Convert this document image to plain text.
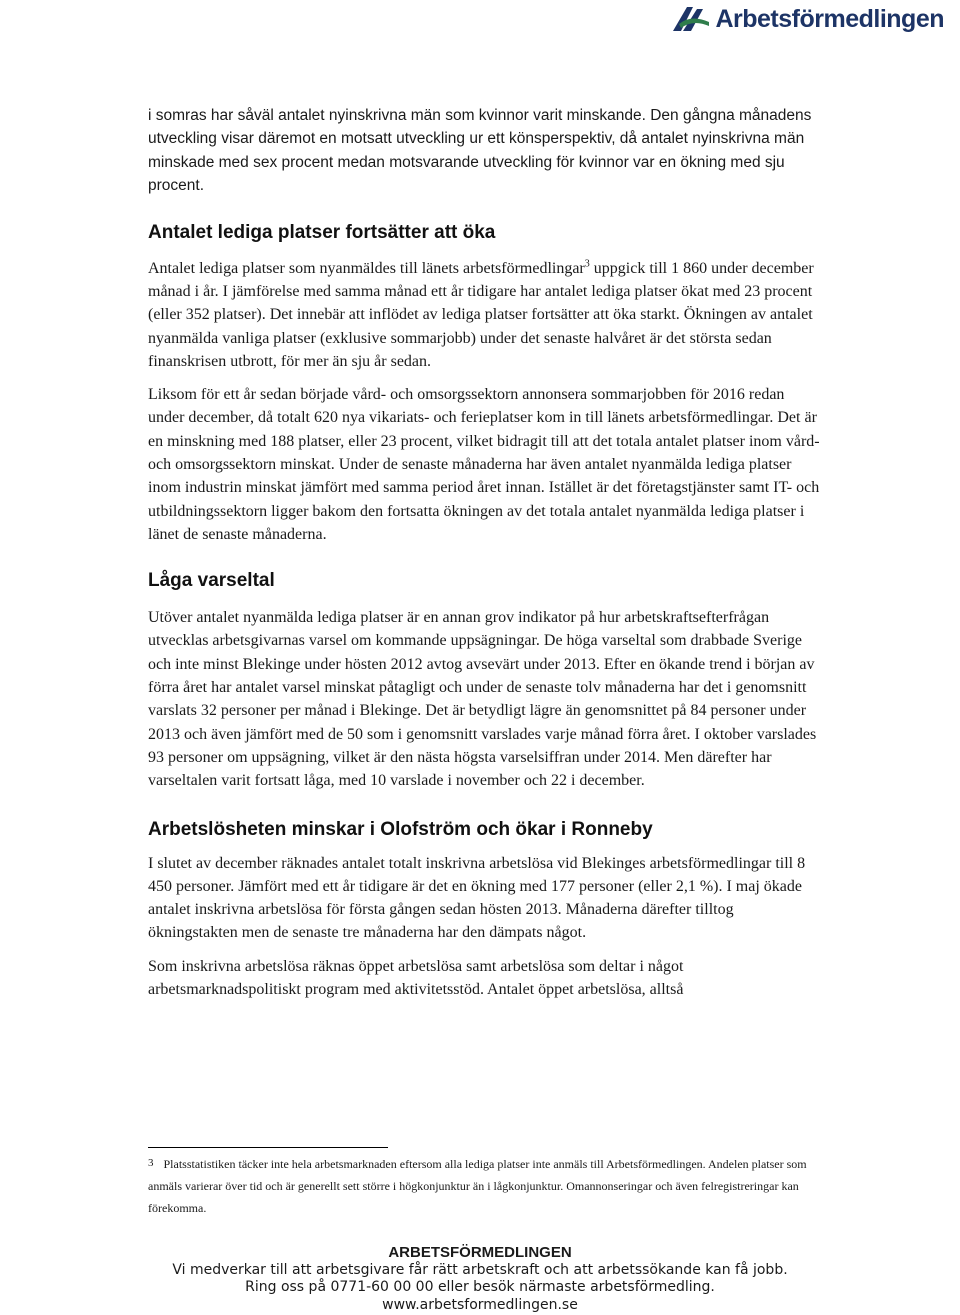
Arbetsförmedlingen

i somras har såväl antalet nyinskrivna män som kvinnor varit minskande. Den gångna månadens utveckling visar däremot en motsatt utveckling ur ett könsperspektiv, då antalet nyinskrivna män minskade med sex procent medan motsvarande utveckling för kvinnor var en ökning med sju procent.

Antalet lediga platser fortsätter att öka

Antalet lediga platser som nyanmäldes till länets arbetsförmedlingar$^3$ uppgick till 1 860 under december månad i år. I jämförelse med samma månad ett år tidigare har antalet lediga platser ökat med 23 procent (eller 352 platser). Det innebär att inflödet av lediga platser fortsätter att öka starkt. Ökningen av antalet nyanmälda vanliga platser (exklusive sommarjobb) under det senaste halvåret är det största sedan finanskrisen utbrott, för mer än sju år sedan.

Liksom för ett år sedan började vård- och omsorgssektorn annonsera sommarjobben för 2016 redan under december, då totalt 620 nya vikariats- och ferieplatser kom in till länets arbetsförmedlingar. Det är en minskning med 188 platser, eller 23 procent, vilket bidragit till att det totala antalet platser inom vård- och omsorgssektorn minskat. Under de senaste månaderna har även antalet nyanmälda lediga platser inom industrin minskat jämfört med samma period året innan. Istället är det företagstjänster samt IT- och utbildningssektorn ligger bakom den fortsatta ökningen av det totala antalet nyanmälda lediga platser i länet de senaste månaderna.

Låga varseltal

Utöver antalet nyanmälda lediga platser är en annan grov indikator på hur arbetskraftsefterfrågan utvecklas arbetsgivarnas varsel om kommande uppsägningar. De höga varseltal som drabbade Sverige och inte minst Blekinge under hösten 2012 avtog avsevärt under 2013. Efter en ökande trend i början av förra året har antalet varsel minskat påtagligt och under de senaste tolv månaderna har det i genomsnitt varslats 32 personer per månad i Blekinge. Det är betydligt lägre än genomsnittet på 84 personer under 2013 och även jämfört med de 50 som i genomsnitt varslades varje månad förra året. I oktober varslades 93 personer om uppsägning, vilket är den nästa högsta varselsiffran under 2014. Men därefter har varseltalen varit fortsatt låga, med 10 varslade i november och 22 i december.

Arbetslösheten minskar i Olofström och ökar i Ronneby

I slutet av december räknades antalet totalt inskrivna arbetslösa vid Blekinges arbetsförmedlingar till 8 450 personer. Jämfört med ett år tidigare är det en ökning med 177 personer (eller 2,1 %). I maj ökade antalet inskrivna arbetslösa för första gången sedan hösten 2013. Månaderna därefter tilltog ökningstakten men de senaste tre månaderna har den dämpats något.

Som inskrivna arbetslösa räknas öppet arbetslösa samt arbetslösa som deltar i något arbetsmarknadspolitiskt program med aktivitetsstöd. Antalet öppet arbetslösa, alltså

3 Platsstatistiken täcker inte hela arbetsmarknaden eftersom alla lediga platser inte anmäls till Arbetsförmedlingen. Andelen platser som anmäls varierar över tid och är generellt sett större i högkonjunktur än i lågkonjunktur. Omannonseringar och även felregistreringar kan förekomma.
ARBETSFÖRMEDLINGEN
Vi medverkar till att arbetsgivare får rätt arbetskraft och att arbetssökande kan få jobb.
Ring oss på 0771-60 00 00 eller besök närmaste arbetsförmedling.
www.arbetsformedlingen.se
